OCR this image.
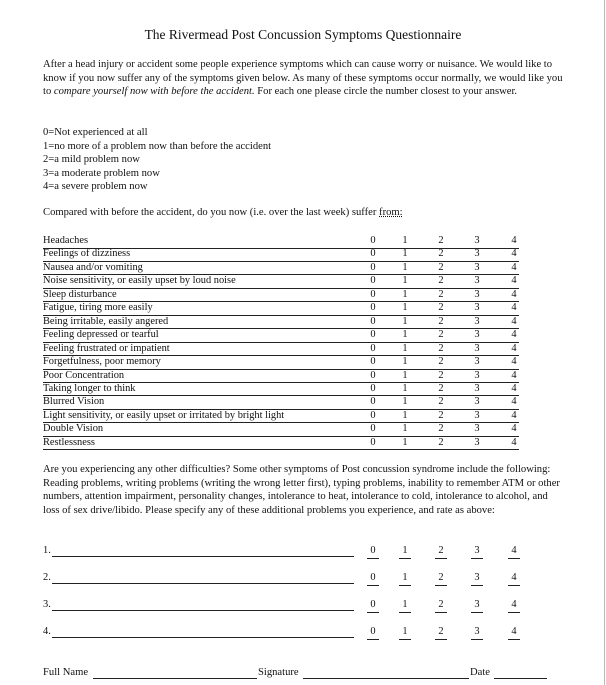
The Rivermead Post Concussion Symptoms Questionnaire
After a head injury or accident some people experience symptoms which can cause worry or nuisance. We would like to know if you now suffer any of the symptoms given below. As many of these symptoms occur normally, we would like you to compare yourself now with before the accident. For each one please circle the number closest to your answer.
0=Not experienced at all
1=no more of a problem now than before the accident
2=a mild problem now
3=a moderate problem now
4=a severe problem now
Compared with before the accident, do you now (i.e. over the last week) suffer from:
Headaches	0	1	2	3	4
Feelings of dizziness	0	1	2	3	4
Nausea and/or vomiting	0	1	2	3	4
Noise sensitivity, or easily upset by loud noise	0	1	2	3	4
Sleep disturbance	0	1	2	3	4
Fatigue, tiring more easily	0	1	2	3	4
Being irritable, easily angered	0	1	2	3	4
Feeling depressed or tearful	0	1	2	3	4
Feeling frustrated or impatient	0	1	2	3	4
Forgetfulness, poor memory	0	1	2	3	4
Poor Concentration	0	1	2	3	4
Taking longer to think	0	1	2	3	4
Blurred Vision	0	1	2	3	4
Light sensitivity, or easily upset or irritated by bright light	0	1	2	3	4
Double Vision	0	1	2	3	4
Restlessness	0	1	2	3	4
Are you experiencing any other difficulties? Some other symptoms of Post concussion syndrome include the following: Reading problems, writing problems (writing the wrong letter first), typing problems, inability to remember ATM or other numbers, attention impairment, personality changes, intolerance to heat, intolerance to cold, intolerance to alcohol, and loss of sex drive/libido. Please specify any of these additional problems you experience, and rate as above:
1.	0	1	2	3	4
2.	0	1	2	3	4
3.	0	1	2	3	4
4.	0	1	2	3	4
Full Name	Signature	Date
